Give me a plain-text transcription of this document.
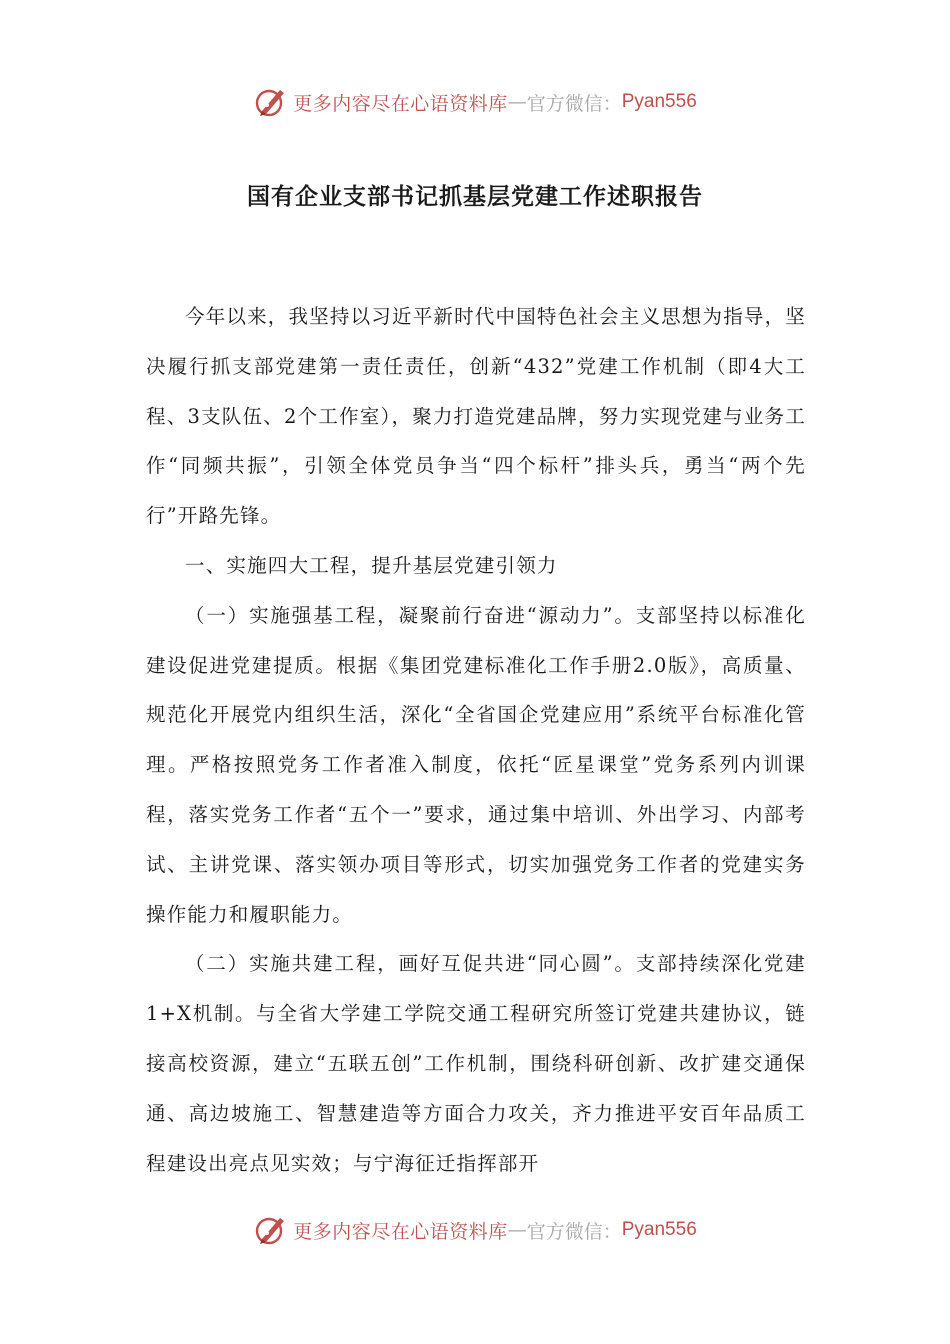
更多内容尽在心语资料库 — 官方微信： Pyan556
国有企业支部书记抓基层党建工作述职报告

今年以来，我坚持以习近平新时代中国特色社会主义思想为指导，坚决履行抓支部党建第一责任责任，创新“432”党建工作机制（即4大工程、3支队伍、2个工作室），聚力打造党建品牌，努力实现党建与业务工作“同频共振”，引领全体党员争当“四个标杆”排头兵，勇当“两个先行”开路先锋。

一、实施四大工程，提升基层党建引领力

（一）实施强基工程，凝聚前行奋进“源动力”。支部坚持以标准化建设促进党建提质。根据《集团党建标准化工作手册2.0版》，高质量、规范化开展党内组织生活，深化“全省国企党建应用”系统平台标准化管理。严格按照党务工作者准入制度，依托“匠星课堂”党务系列内训课程，落实党务工作者“五个一”要求，通过集中培训、外出学习、内部考试、主讲党课、落实领办项目等形式，切实加强党务工作者的党建实务操作能力和履职能力。

（二）实施共建工程，画好互促共进“同心圆”。支部持续深化党建1+X机制。与全省大学建工学院交通工程研究所签订党建共建协议，链接高校资源，建立“五联五创”工作机制，围绕科研创新、改扩建交通保通、高边坡施工、智慧建造等方面合力攻关，齐力推进平安百年品质工程建设出亮点见实效；与宁海征迁指挥部开

更多内容尽在心语资料库 — 官方微信： Pyan556
